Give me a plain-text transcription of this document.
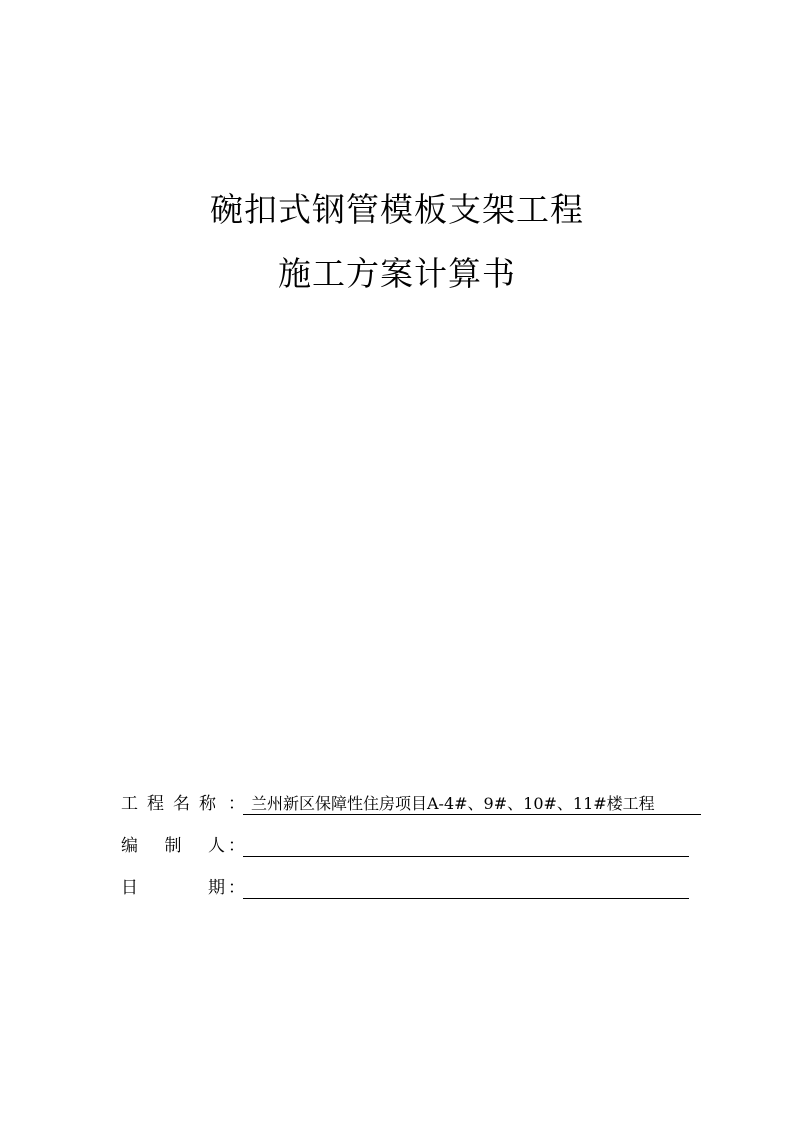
碗扣式钢管模板支架工程
施工方案计算书
工 程 名 称 ： 兰州新区保障性住房项目A-4#、9#、10#、11#楼工程
编 制 人 ：
日	期 ：
